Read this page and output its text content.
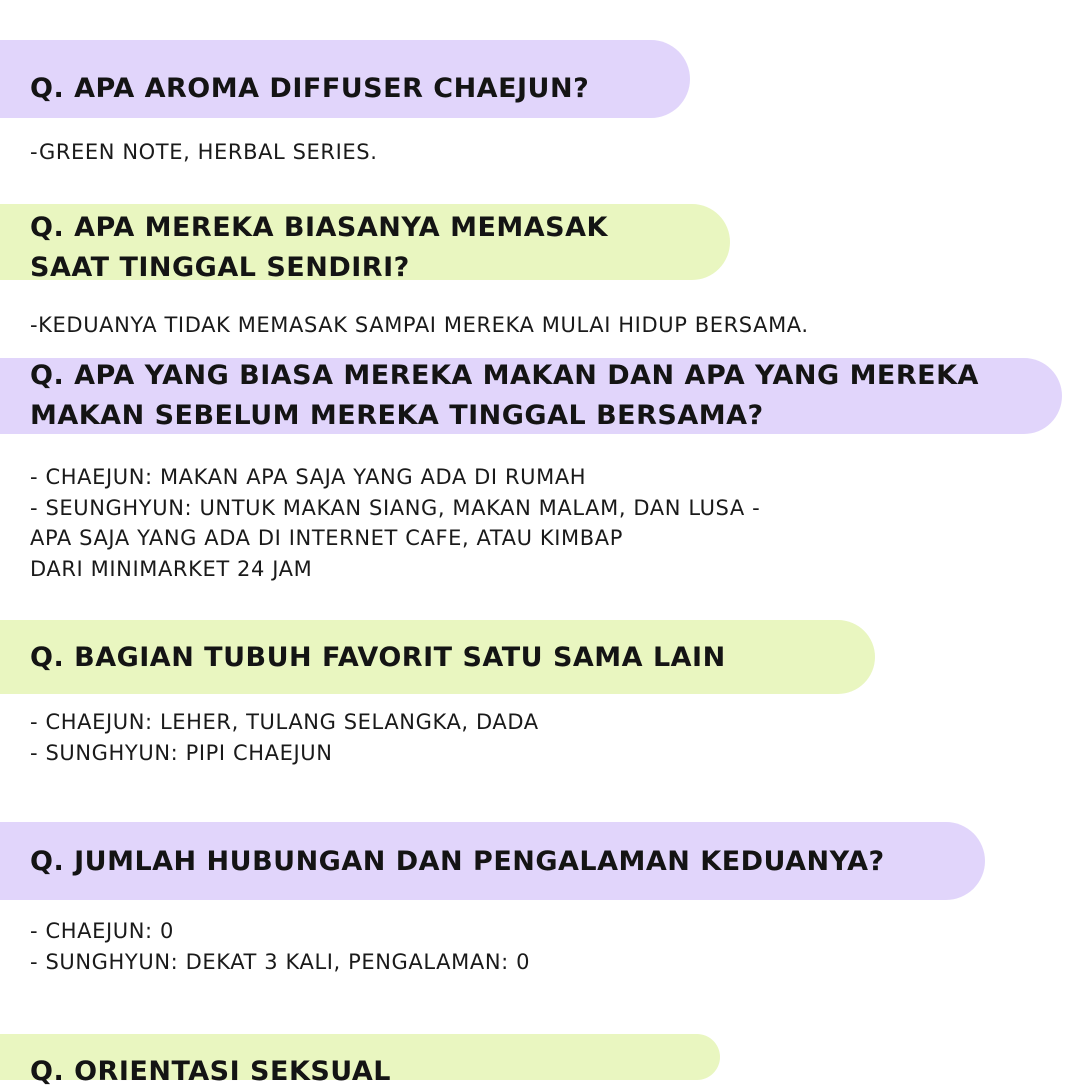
Q. APA AROMA DIFFUSER CHAEJUN?
-GREEN NOTE, HERBAL SERIES.
Q. APA MEREKA BIASANYA MEMASAK
SAAT TINGGAL SENDIRI?
-KEDUANYA TIDAK MEMASAK SAMPAI MEREKA MULAI HIDUP BERSAMA.
Q. APA YANG BIASA MEREKA MAKAN DAN APA YANG MEREKA
MAKAN SEBELUM MEREKA TINGGAL BERSAMA?
- CHAEJUN: MAKAN APA SAJA YANG ADA DI RUMAH
- SEUNGHYUN: UNTUK MAKAN SIANG, MAKAN MALAM, DAN LUSA -
APA SAJA YANG ADA DI INTERNET CAFE, ATAU KIMBAP
DARI MINIMARKET 24 JAM
Q. BAGIAN TUBUH FAVORIT SATU SAMA LAIN
- CHAEJUN: LEHER, TULANG SELANGKA, DADA
- SUNGHYUN: PIPI CHAEJUN
Q. JUMLAH HUBUNGAN DAN PENGALAMAN KEDUANYA?
- CHAEJUN: 0
- SUNGHYUN: DEKAT 3 KALI, PENGALAMAN: 0
Q. ORIENTASI SEKSUAL
